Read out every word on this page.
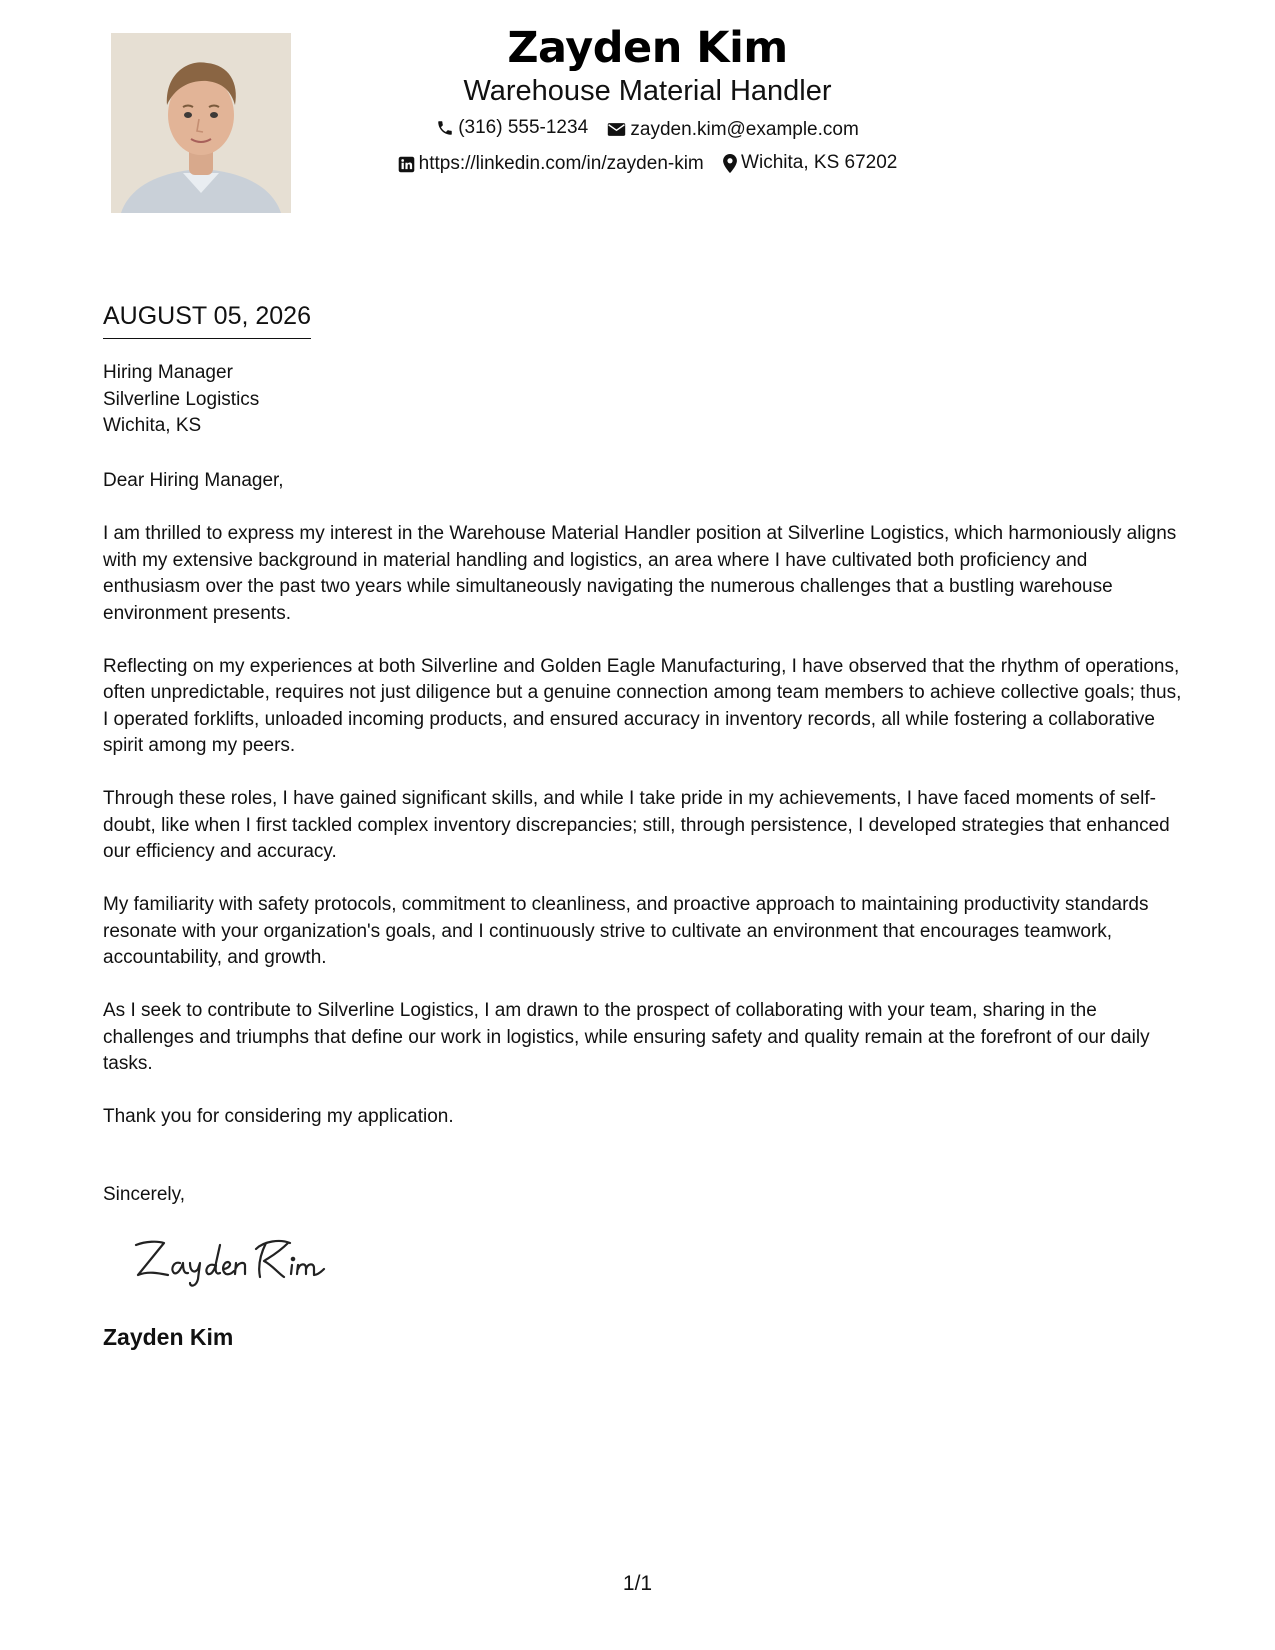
Zayden Kim
Warehouse Material Handler
(316) 555-1234
zayden.kim@example.com
https://linkedin.com/in/zayden-kim
Wichita, KS 67202
AUGUST 05, 2026
Hiring Manager
Silverline Logistics
Wichita, KS

Dear Hiring Manager,

I am thrilled to express my interest in the Warehouse Material Handler position at Silverline Logistics, which harmoniously aligns with my extensive background in material handling and logistics, an area where I have cultivated both proficiency and enthusiasm over the past two years while simultaneously navigating the numerous challenges that a bustling warehouse environment presents.

Reflecting on my experiences at both Silverline and Golden Eagle Manufacturing, I have observed that the rhythm of operations, often unpredictable, requires not just diligence but a genuine connection among team members to achieve collective goals; thus, I operated forklifts, unloaded incoming products, and ensured accuracy in inventory records, all while fostering a collaborative spirit among my peers.

Through these roles, I have gained significant skills, and while I take pride in my achievements, I have faced moments of self-doubt, like when I first tackled complex inventory discrepancies; still, through persistence, I developed strategies that enhanced our efficiency and accuracy.

My familiarity with safety protocols, commitment to cleanliness, and proactive approach to maintaining productivity standards resonate with your organization's goals, and I continuously strive to cultivate an environment that encourages teamwork, accountability, and growth.

As I seek to contribute to Silverline Logistics, I am drawn to the prospect of collaborating with your team, sharing in the challenges and triumphs that define our work in logistics, while ensuring safety and quality remain at the forefront of our daily tasks.

Thank you for considering my application.

Sincerely,
Zayden Kim
1/1
